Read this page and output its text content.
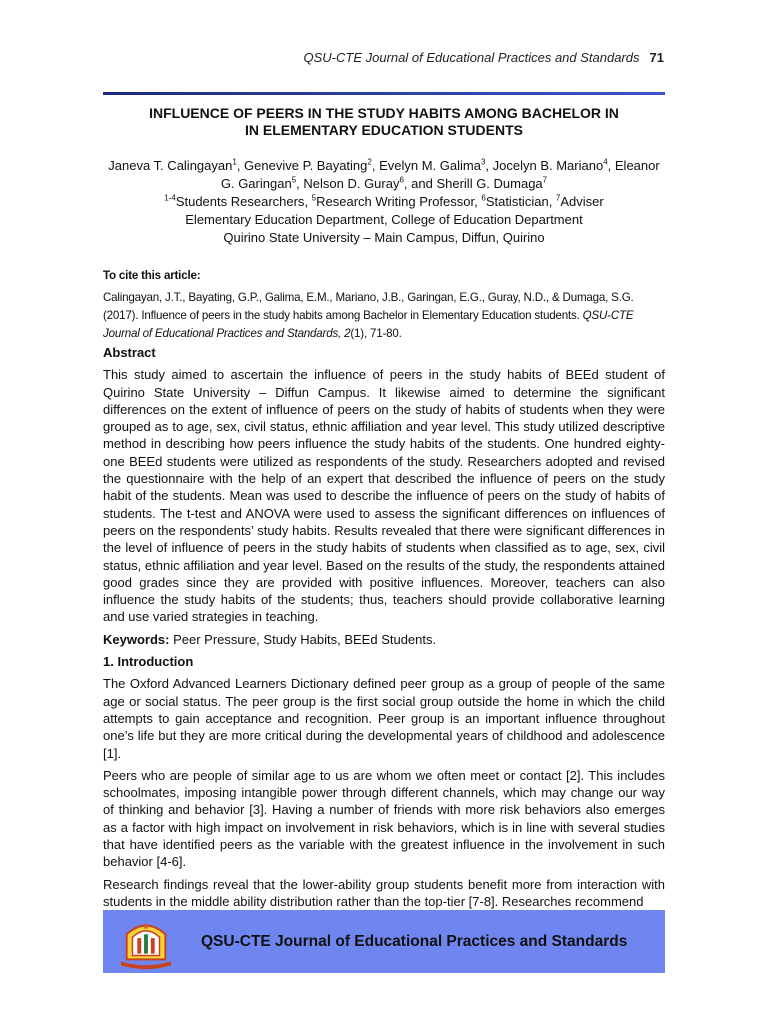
QSU-CTE Journal of Educational Practices and Standards 71
INFLUENCE OF PEERS IN THE STUDY HABITS AMONG BACHELOR IN
IN ELEMENTARY EDUCATION STUDENTS
Janeva T. Calingayan$^1$, Genevive P. Bayating$^2$, Evelyn M. Galima$^3$, Jocelyn B. Mariano$^4$, Eleanor G. Garingan$^5$, Nelson D. Guray$^6$, and Sherill G. Dumaga$^7$
$^{1-4}$Students Researchers, $^5$Research Writing Professor, $^6$Statistician, $^7$Adviser
Elementary Education Department, College of Education Department
Quirino State University – Main Campus, Diffun, Quirino
To cite this article:

Calingayan, J.T., Bayating, G.P., Galima, E.M., Mariano, J.B., Garingan, E.G., Guray, N.D., & Dumaga, S.G. (2017). Influence of peers in the study habits among Bachelor in Elementary Education students. QSU-CTE Journal of Educational Practices and Standards, 2(1), 71-80.

Abstract

This study aimed to ascertain the influence of peers in the study habits of BEEd student of Quirino State University – Diffun Campus. It likewise aimed to determine the significant differences on the extent of influence of peers on the study of habits of students when they were grouped as to age, sex, civil status, ethnic affiliation and year level. This study utilized descriptive method in describing how peers influence the study habits of the students. One hundred eighty-one BEEd students were utilized as respondents of the study. Researchers adopted and revised the questionnaire with the help of an expert that described the influence of peers on the study habit of the students. Mean was used to describe the influence of peers on the study of habits of students. The t-test and ANOVA were used to assess the significant differences on influences of peers on the respondents’ study habits. Results revealed that there were significant differences in the level of influence of peers in the study habits of students when classified as to age, sex, civil status, ethnic affiliation and year level. Based on the results of the study, the respondents attained good grades since they are provided with positive influences. Moreover, teachers can also influence the study habits of the students; thus, teachers should provide collaborative learning and use varied strategies in teaching.

Keywords: Peer Pressure, Study Habits, BEEd Students.

1. Introduction

The Oxford Advanced Learners Dictionary defined peer group as a group of people of the same age or social status. The peer group is the first social group outside the home in which the child attempts to gain acceptance and recognition. Peer group is an important influence throughout one’s life but they are more critical during the developmental years of childhood and adolescence [1].

Peers who are people of similar age to us are whom we often meet or contact [2]. This includes schoolmates, imposing intangible power through different channels, which may change our way of thinking and behavior [3]. Having a number of friends with more risk behaviors also emerges as a factor with high impact on involvement in risk behaviors, which is in line with several studies that have identified peers as the variable with the greatest influence in the involvement in such behavior [4-6].

Research findings reveal that the lower-ability group students benefit more from interaction with students in the middle ability distribution rather than the top-tier [7-8]. Researches recommend

QSU-CTE Journal of Educational Practices and Standards
